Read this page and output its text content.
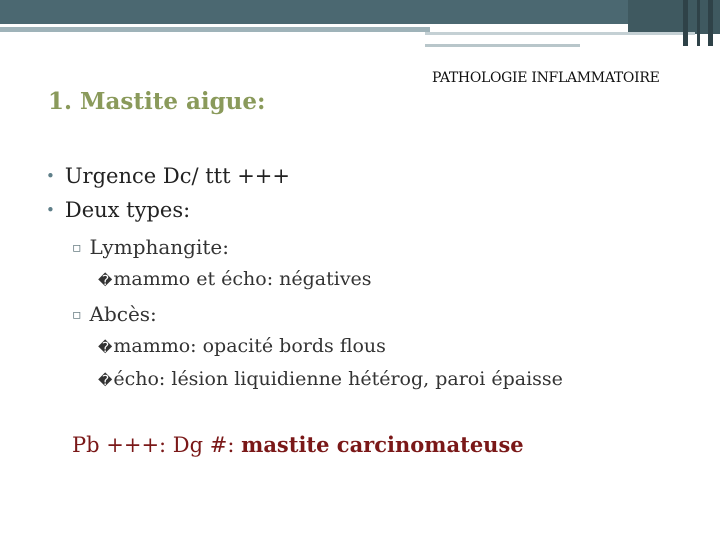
PATHOLOGIE INFLAMMATOIRE
1. Mastite aigue:
• Urgence Dc/ ttt +++
• Deux types:
▫ Lymphangite:
�mammo et écho: négatives
▫ Abcès:
�mammo: opacité bords flous
�écho: lésion liquidienne hétérog, paroi épaisse
Pb +++: Dg #: mastite carcinomateuse
